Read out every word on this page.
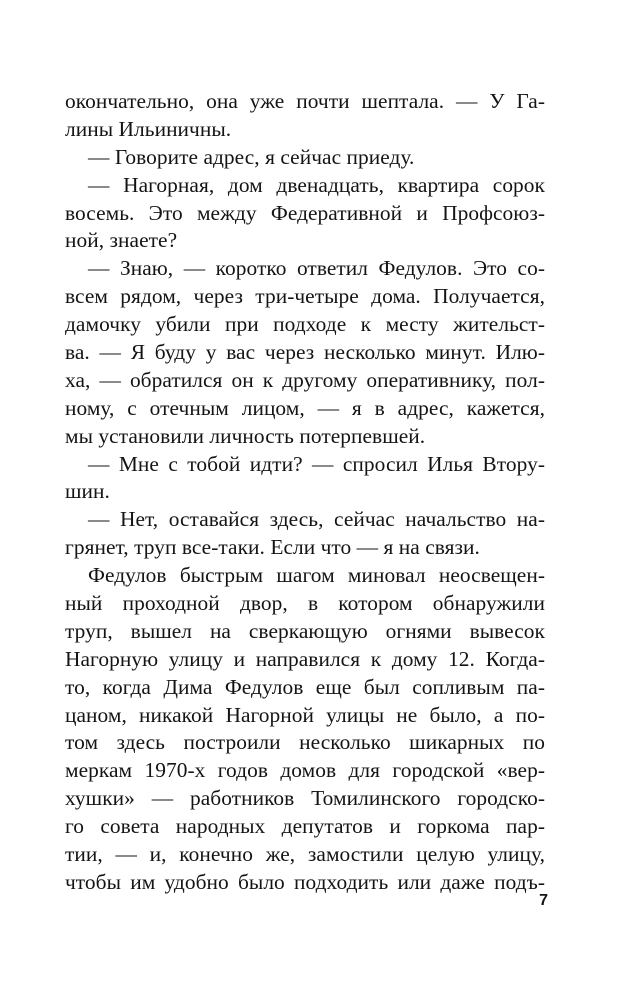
окончательно, она уже почти шептала. — У Га-
лины Ильиничны.
— Говорите адрес, я сейчас приеду.
— Нагорная, дом двенадцать, квартира сорок
восемь. Это между Федеративной и Профсоюз-
ной, знаете?
— Знаю, — коротко ответил Федулов. Это со-
всем рядом, через три-четыре дома. Получается,
дамочку убили при подходе к месту жительст-
ва. — Я буду у вас через несколько минут. Илю-
ха, — обратился он к другому оперативнику, пол-
ному, с отечным лицом, — я в адрес, кажется,
мы установили личность потерпевшей.
— Мне с тобой идти? — спросил Илья Втору-
шин.
— Нет, оставайся здесь, сейчас начальство на-
грянет, труп все-таки. Если что — я на связи.
Федулов быстрым шагом миновал неосвещен-
ный проходной двор, в котором обнаружили
труп, вышел на сверкающую огнями вывесок
Нагорную улицу и направился к дому 12. Когда-
то, когда Дима Федулов еще был сопливым па-
цаном, никакой Нагорной улицы не было, а по-
том здесь построили несколько шикарных по
меркам 1970-х годов домов для городской «вер-
хушки» — работников Томилинского городско-
го совета народных депутатов и горкома пар-
тии, — и, конечно же, замостили целую улицу,
чтобы им удобно было подходить или даже подъ-
7
